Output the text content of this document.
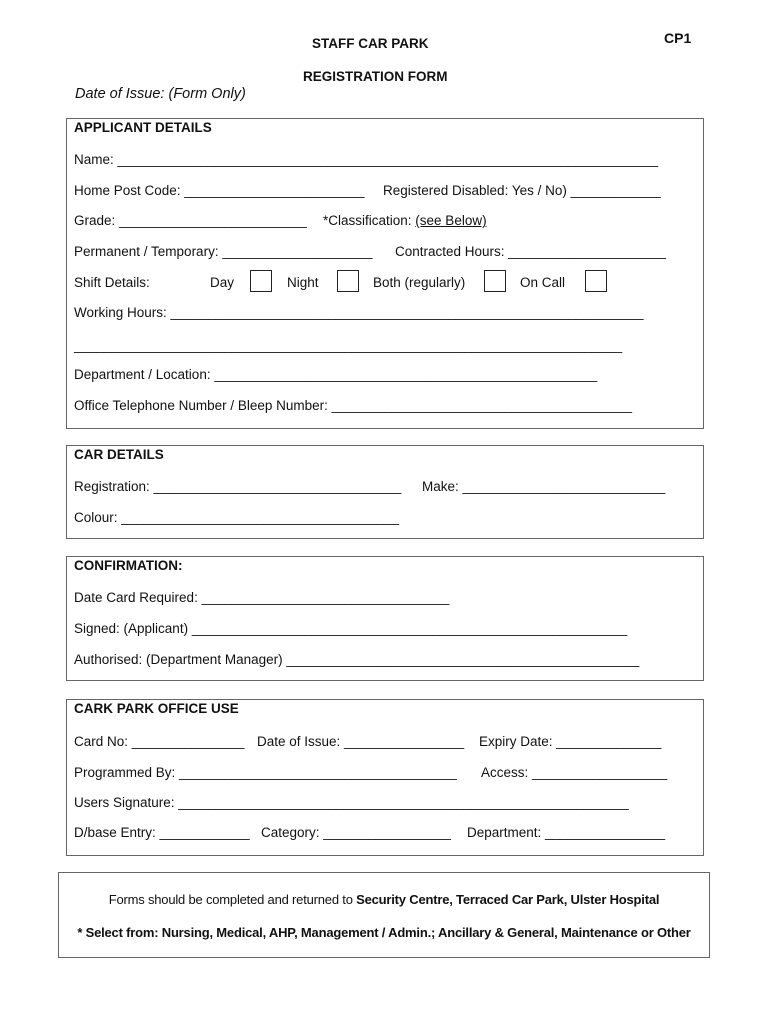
CP1
STAFF CAR PARK
REGISTRATION FORM
Date of Issue: (Form Only)
APPLICANT DETAILS
Name: ________________________________________________________________________
Home Post Code: ________________________ Registered Disabled: Yes / No) ____________
Grade: _________________________ *Classification: (see Below)
Permanent / Temporary: ____________________ Contracted Hours: _____________________
Shift Details:	Day	Night	Both (regularly)	On Call
Working Hours: _______________________________________________________________
_________________________________________________________________________
Department / Location: ___________________________________________________
Office Telephone Number / Bleep Number: ________________________________________
CAR DETAILS
Registration: _________________________________ Make: ___________________________
Colour: _____________________________________
CONFIRMATION:
Date Card Required: _________________________________
Signed: (Applicant) __________________________________________________________
Authorised: (Department Manager) _______________________________________________
CARK PARK OFFICE USE
Card No: _______________ Date of Issue: ________________ Expiry Date: ______________
Programmed By: _____________________________________ Access: __________________
Users Signature: ____________________________________________________________
D/base Entry: ____________ Category: _________________ Department: ________________
Forms should be completed and returned to Security Centre, Terraced Car Park, Ulster Hospital
* Select from: Nursing, Medical, AHP, Management / Admin.; Ancillary & General, Maintenance or Other
